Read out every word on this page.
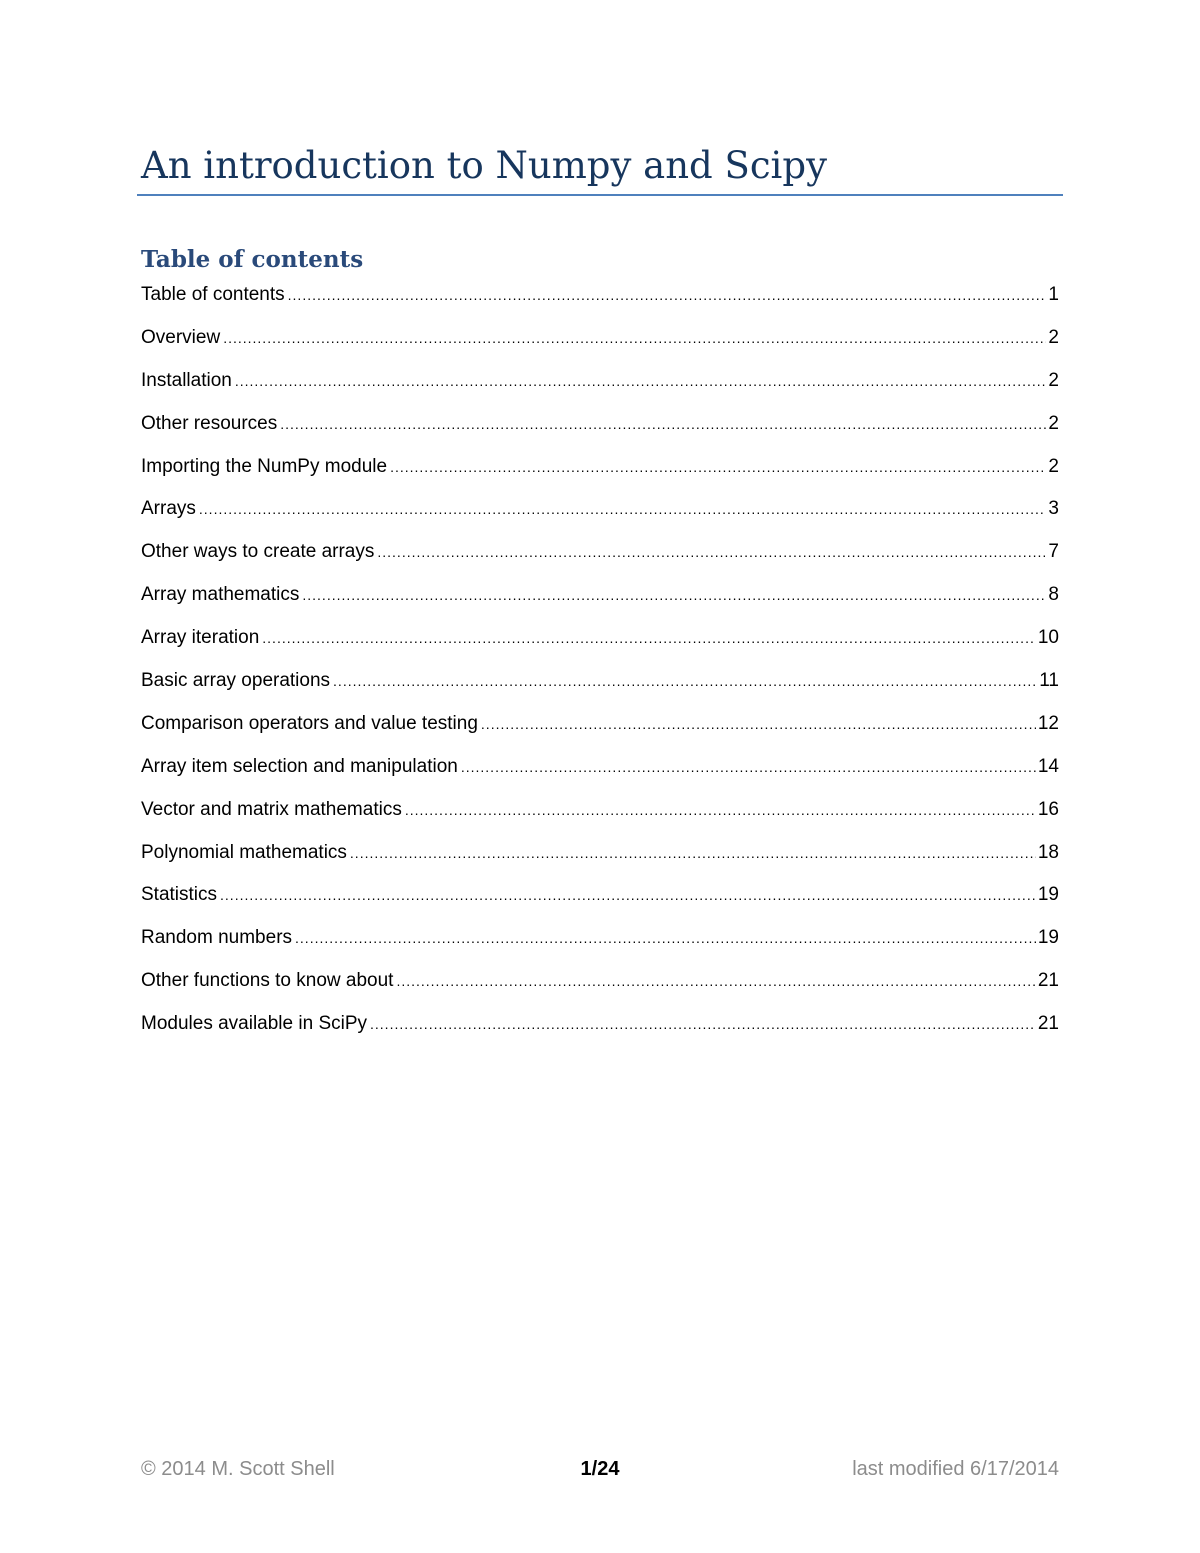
An introduction to Numpy and Scipy
Table of contents
Table of contents .....	1
Overview .....	2
Installation .....	2
Other resources .....	2
Importing the NumPy module .....	2
Arrays .....	3
Other ways to create arrays .....	7
Array mathematics .....	8
Array iteration .....	10
Basic array operations .....	11
Comparison operators and value testing .....	12
Array item selection and manipulation .....	14
Vector and matrix mathematics .....	16
Polynomial mathematics .....	18
Statistics .....	19
Random numbers .....	19
Other functions to know about .....	21
Modules available in SciPy .....	21
© 2014 M. Scott Shell	1/24	last modified 6/17/2014
